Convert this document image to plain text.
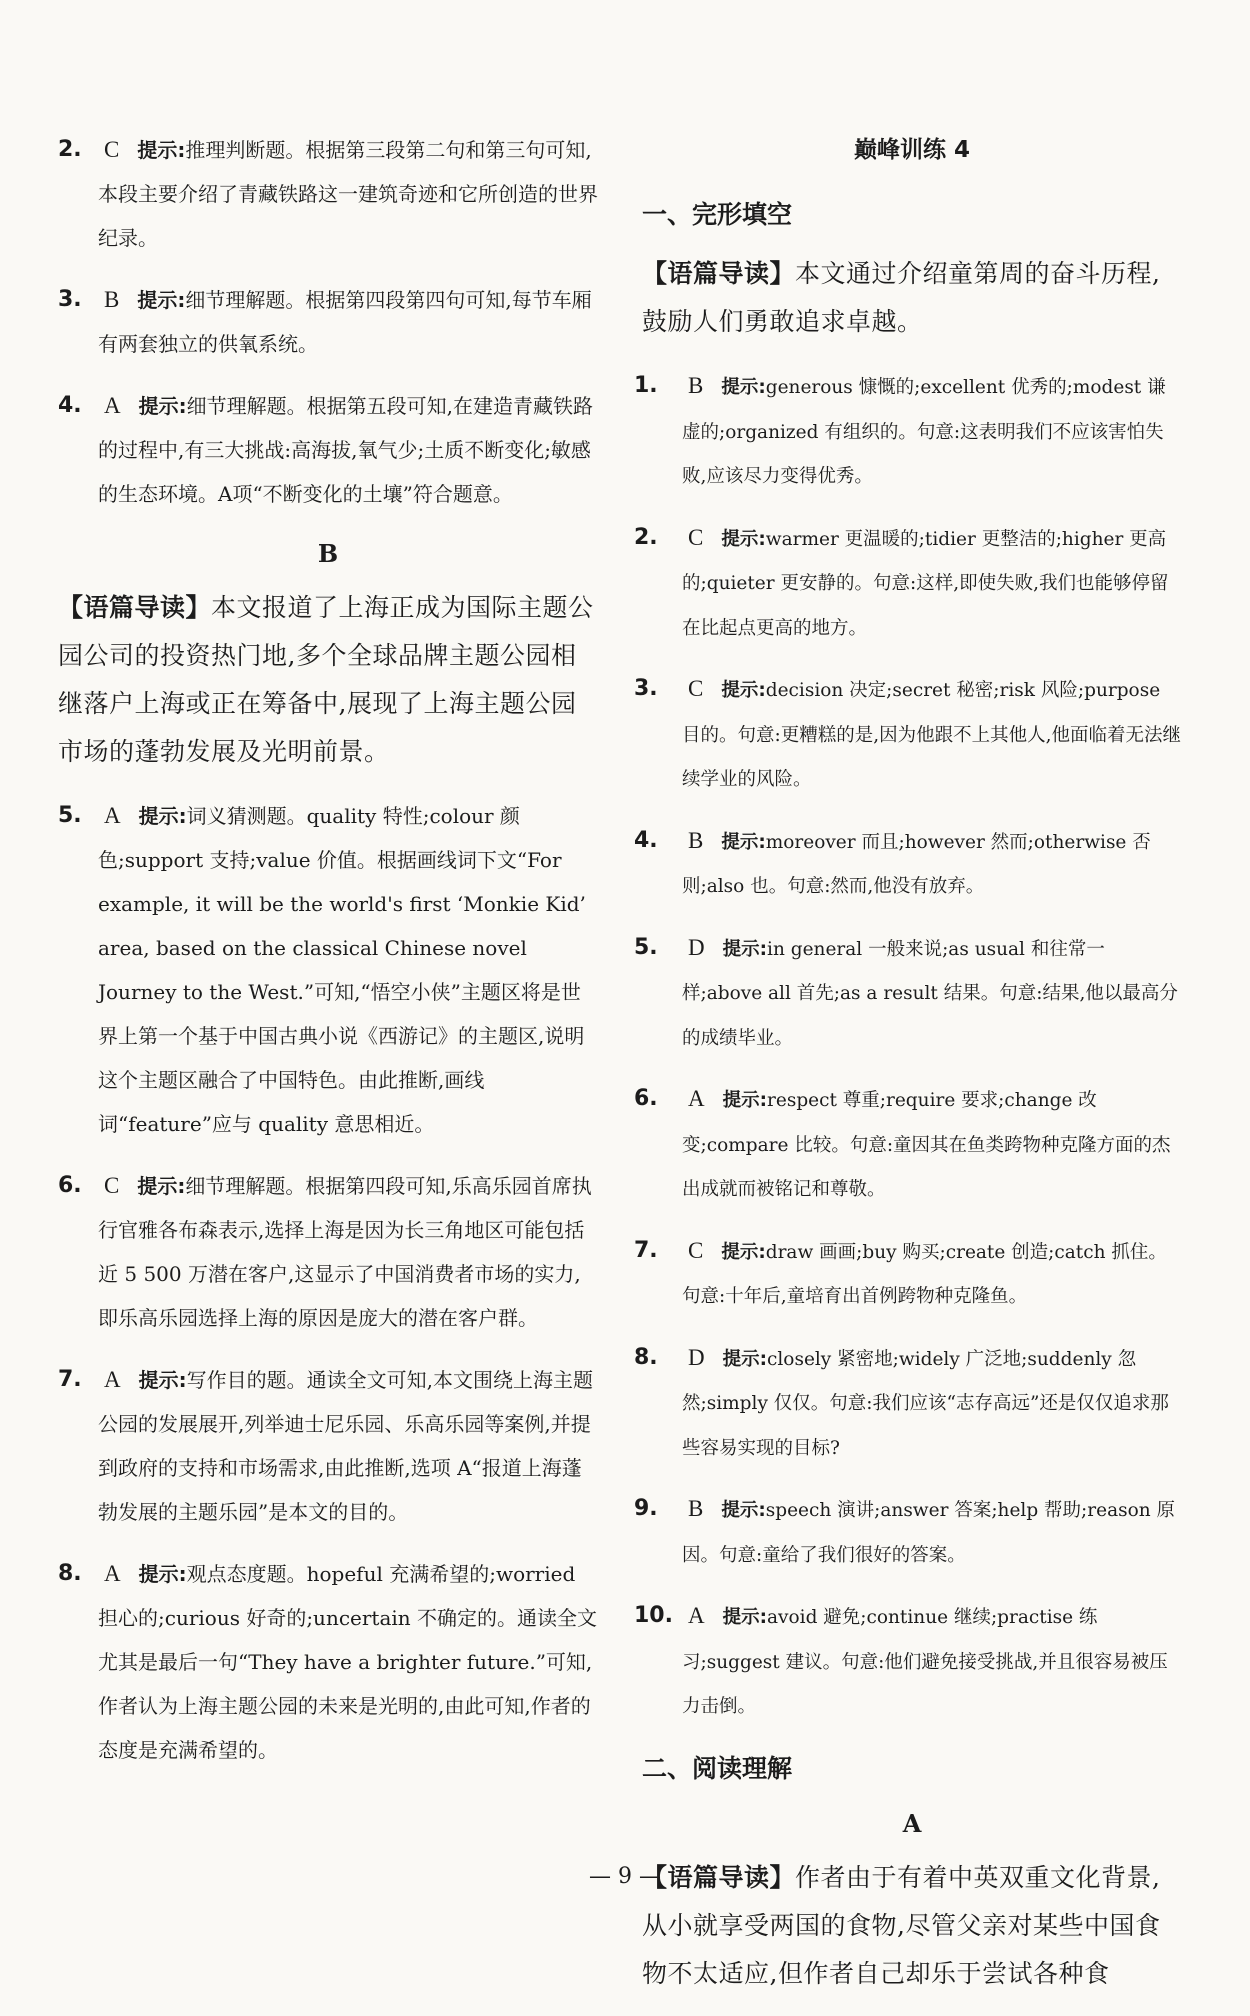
2. C 提示:推理判断题。根据第三段第二句和第三句可知,本段主要介绍了青藏铁路这一建筑奇迹和它所创造的世界纪录。
3. B 提示:细节理解题。根据第四段第四句可知,每节车厢有两套独立的供氧系统。
4. A 提示:细节理解题。根据第五段可知,在建造青藏铁路的过程中,有三大挑战:高海拔,氧气少;土质不断变化;敏感的生态环境。A项“不断变化的土壤”符合题意。
B
【语篇导读】本文报道了上海正成为国际主题公园公司的投资热门地,多个全球品牌主题公园相继落户上海或正在筹备中,展现了上海主题公园市场的蓬勃发展及光明前景。
5. A 提示:词义猜测题。quality 特性;colour 颜色;support 支持;value 价值。根据画线词下文“For example, it will be the world's first ‘Monkie Kid’ area, based on the classical Chinese novel Journey to the West.”可知,“悟空小侠”主题区将是世界上第一个基于中国古典小说《西游记》的主题区,说明这个主题区融合了中国特色。由此推断,画线词“feature”应与 quality 意思相近。
6. C 提示:细节理解题。根据第四段可知,乐高乐园首席执行官雅各布森表示,选择上海是因为长三角地区可能包括近 5 500 万潜在客户,这显示了中国消费者市场的实力,即乐高乐园选择上海的原因是庞大的潜在客户群。
7. A 提示:写作目的题。通读全文可知,本文围绕上海主题公园的发展展开,列举迪士尼乐园、乐高乐园等案例,并提到政府的支持和市场需求,由此推断,选项 A“报道上海蓬勃发展的主题乐园”是本文的目的。
8. A 提示:观点态度题。hopeful 充满希望的;worried 担心的;curious 好奇的;uncertain 不确定的。通读全文尤其是最后一句“They have a brighter future.”可知,作者认为上海主题公园的未来是光明的,由此可知,作者的态度是充满希望的。
巅峰训练 4
一、完形填空
【语篇导读】本文通过介绍童第周的奋斗历程,鼓励人们勇敢追求卓越。
1. B 提示:generous 慷慨的;excellent 优秀的;modest 谦虚的;organized 有组织的。句意:这表明我们不应该害怕失败,应该尽力变得优秀。
2. C 提示:warmer 更温暖的;tidier 更整洁的;higher 更高的;quieter 更安静的。句意:这样,即使失败,我们也能够停留在比起点更高的地方。
3. C 提示:decision 决定;secret 秘密;risk 风险;purpose 目的。句意:更糟糕的是,因为他跟不上其他人,他面临着无法继续学业的风险。
4. B 提示:moreover 而且;however 然而;otherwise 否则;also 也。句意:然而,他没有放弃。
5. D 提示:in general 一般来说;as usual 和往常一样;above all 首先;as a result 结果。句意:结果,他以最高分的成绩毕业。
6. A 提示:respect 尊重;require 要求;change 改变;compare 比较。句意:童因其在鱼类跨物种克隆方面的杰出成就而被铭记和尊敬。
7. C 提示:draw 画画;buy 购买;create 创造;catch 抓住。句意:十年后,童培育出首例跨物种克隆鱼。
8. D 提示:closely 紧密地;widely 广泛地;suddenly 忽然;simply 仅仅。句意:我们应该“志存高远”还是仅仅追求那些容易实现的目标?
9. B 提示:speech 演讲;answer 答案;help 帮助;reason 原因。句意:童给了我们很好的答案。
10. A 提示:avoid 避免;continue 继续;practise 练习;suggest 建议。句意:他们避免接受挑战,并且很容易被压力击倒。
二、阅读理解
A
【语篇导读】作者由于有着中英双重文化背景,从小就享受两国的食物,尽管父亲对某些中国食物不太适应,但作者自己却乐于尝试各种食
— 9 —
